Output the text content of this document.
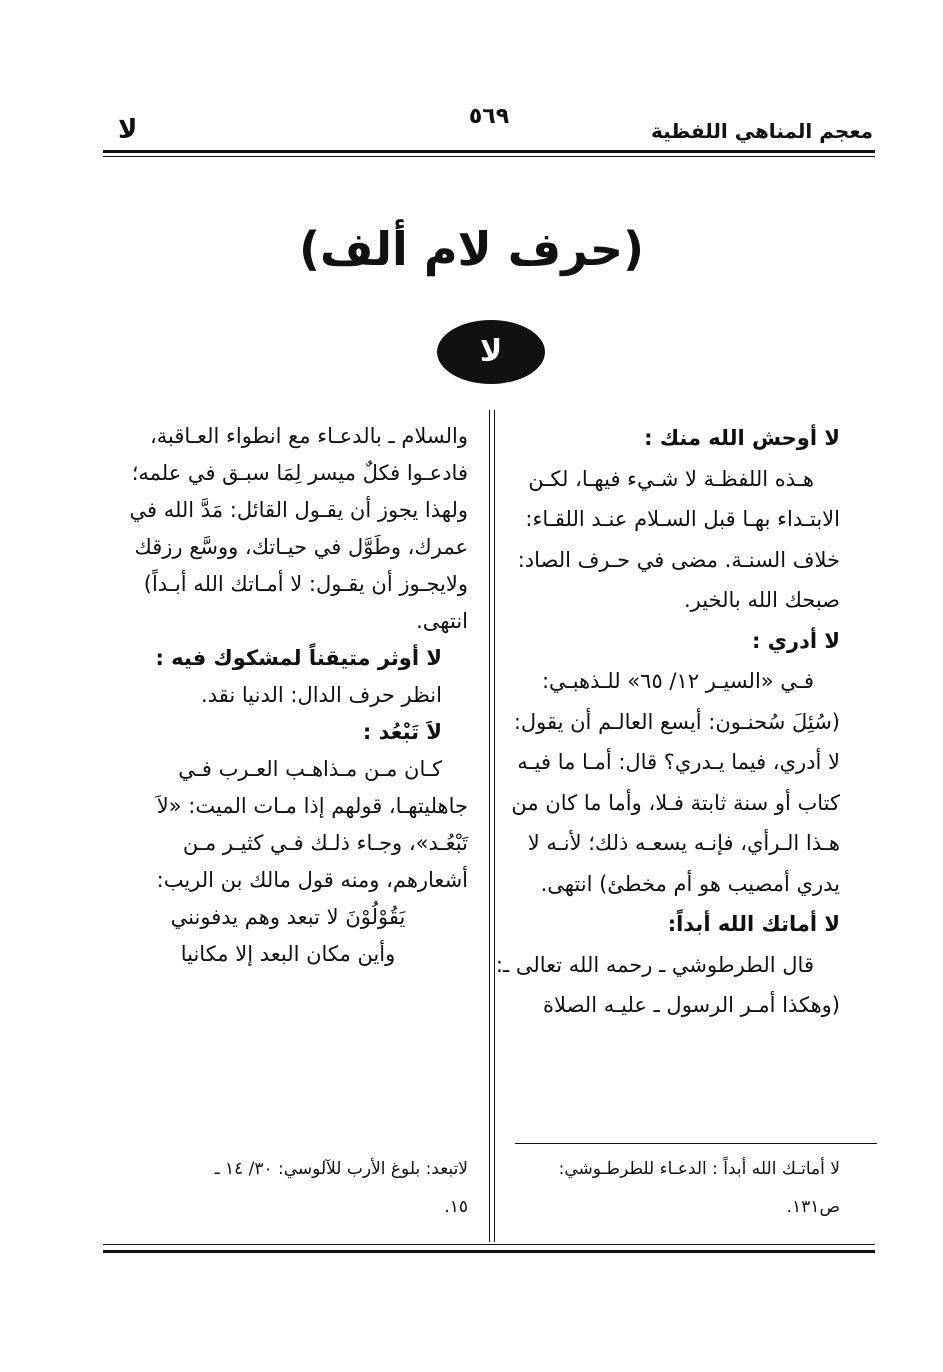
معجم المناهي اللفظية
٥٦٩
لا
(حرف لام ألف)
لا
لا أوحش الله منك :
هـذه اللفظـة لا شـيء فيهـا، لكـن
الابتـداء بهـا قبل السـلام عنـد اللقـاء:
خلاف السنـة. مضى في حـرف الصاد:
صبحك الله بالخير.
لا أدري :
فـي «السيـر ١٢/ ٦٥» للـذهبـي:
(سُئِلَ سُحنـون: أيسع العالـم أن يقول:
لا أدري، فيما يـدري؟ قال: أمـا ما فيـه
كتاب أو سنة ثابتة فـلا، وأما ما كان من
هـذا الـرأي، فإنـه يسعـه ذلك؛ لأنـه لا
يدري أمصيب هو أم مخطئ) انتهى.
لا أماتك الله أبداً:
قال الطرطوشي ـ رحمه الله تعالى ـ:
(وهكذا أمـر الرسول ـ عليـه الصلاة
والسلام ـ بالدعـاء مع انطواء العـاقبة،
فادعـوا فكلٌ ميسر لِمَا سبـق في علمه؛
ولهذا يجوز أن يقـول القائل: مَدَّ الله في
عمرك، وطَوَّل في حيـاتك، ووسَّع رزقك
ولايجـوز أن يقـول: لا أمـاتك الله أبـداً)
انتهى.
لا أوثر متيقناً لمشكوك فيه :
انظر حرف الدال: الدنيا نقد.
لاَ تَبْعُد :
كـان مـن مـذاهـب العـرب فـي
جاهليتهـا، قولهم إذا مـات الميت: «لاَ
تَبْعُـد»، وجـاء ذلـك فـي كثيـر مـن
أشعارهم، ومنه قول مالك بن الريب:
يَقُوْلُوْنَ لا تبعد وهم يدفونني
وأين مكان البعد إلا مكانيا
لا أماتـك الله أبداً : الدعـاء للطرطـوشي:
ص١٣١.
لاتبعد: بلوغ الأرب للآلوسي: ٣٠/ ١٤ ـ
١٥.
